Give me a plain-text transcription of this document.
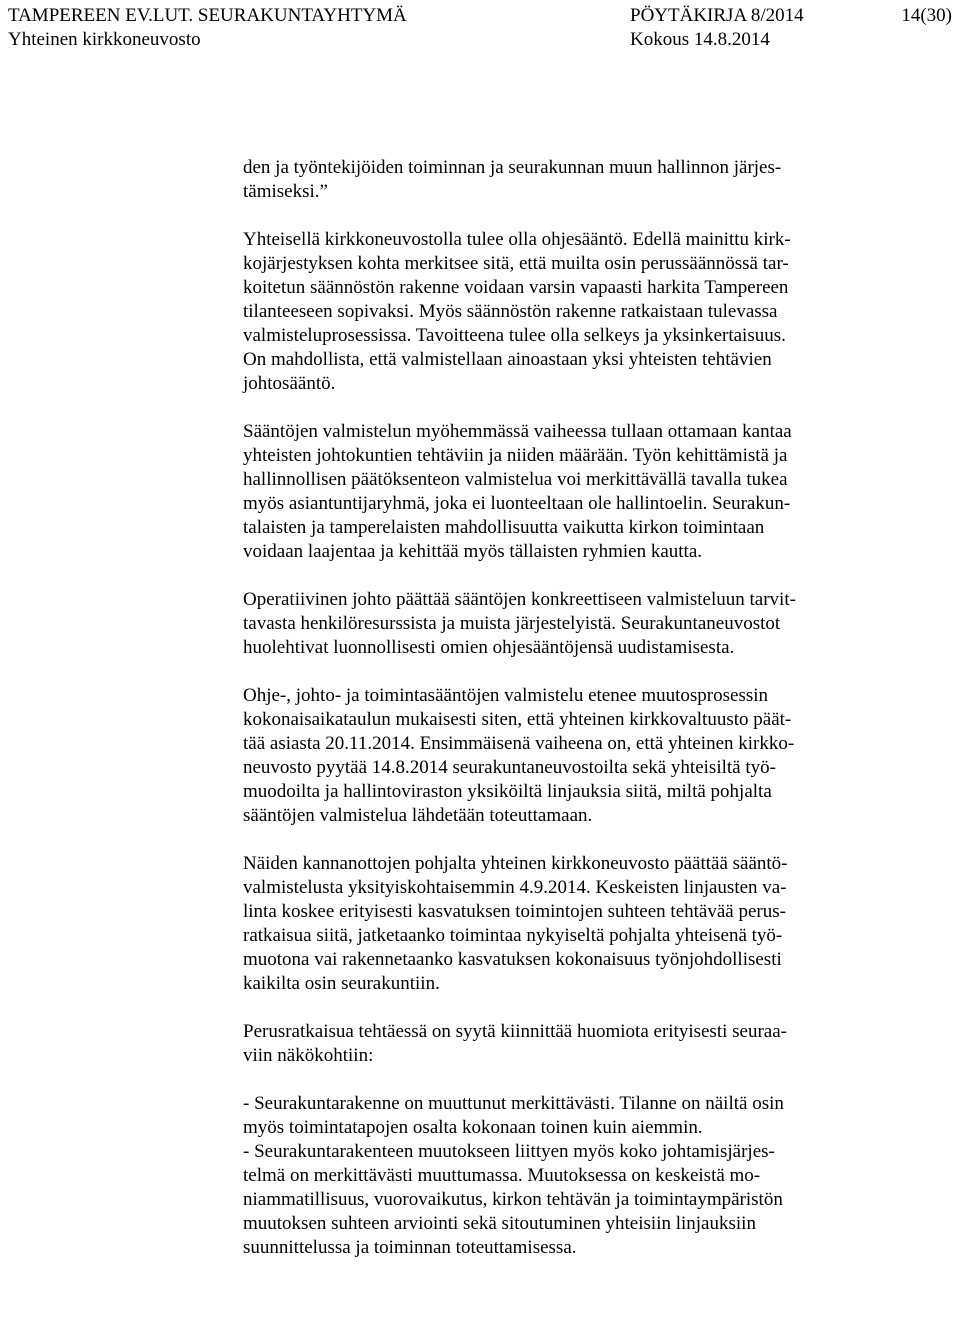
TAMPEREEN EV.LUT. SEURAKUNTAYHTYMÄ	PÖYTÄKIRJA 8/2014	14(30)
Yhteinen kirkkoneuvosto	Kokous 14.8.2014

den ja työntekijöiden toiminnan ja seurakunnan muun hallinnon järjes-
tämiseksi.”

Yhteisellä kirkkoneuvostolla tulee olla ohjesääntö. Edellä mainittu kirk-
kojärjestyksen kohta merkitsee sitä, että muilta osin perussäännössä tar-
koitetun säännöstön rakenne voidaan varsin vapaasti harkita Tampereen
tilanteeseen sopivaksi. Myös säännöstön rakenne ratkaistaan tulevassa
valmisteluprosessissa. Tavoitteena tulee olla selkeys ja yksinkertaisuus.
On mahdollista, että valmistellaan ainoastaan yksi yhteisten tehtävien
johtosääntö.

Sääntöjen valmistelun myöhemmässä vaiheessa tullaan ottamaan kantaa
yhteisten johtokuntien tehtäviin ja niiden määrään. Työn kehittämistä ja
hallinnollisen päätöksenteon valmistelua voi merkittävällä tavalla tukea
myös asiantuntijaryhmä, joka ei luonteeltaan ole hallintoelin. Seurakun-
talaisten ja tamperelaisten mahdollisuutta vaikutta kirkon toimintaan
voidaan laajentaa ja kehittää myös tällaisten ryhmien kautta.

Operatiivinen johto päättää sääntöjen konkreettiseen valmisteluun tarvit-
tavasta henkilöresurssista ja muista järjestelyistä. Seurakuntaneuvostot
huolehtivat luonnollisesti omien ohjesääntöjensä uudistamisesta.

Ohje-, johto- ja toimintasääntöjen valmistelu etenee muutosprosessin
kokonaisaikataulun mukaisesti siten, että yhteinen kirkkovaltuusto päät-
tää asiasta 20.11.2014. Ensimmäisenä vaiheena on, että yhteinen kirkko-
neuvosto pyytää 14.8.2014 seurakuntaneuvostoilta sekä yhteisiltä työ-
muodoilta ja hallintoviraston yksiköiltä linjauksia siitä, miltä pohjalta
sääntöjen valmistelua lähdetään toteuttamaan.

Näiden kannanottojen pohjalta yhteinen kirkkoneuvosto päättää sääntö-
valmistelusta yksityiskohtaisemmin 4.9.2014. Keskeisten linjausten va-
linta koskee erityisesti kasvatuksen toimintojen suhteen tehtävää perus-
ratkaisua siitä, jatketaanko toimintaa nykyiseltä pohjalta yhteisenä työ-
muotona vai rakennetaanko kasvatuksen kokonaisuus työnjohdollisesti
kaikilta osin seurakuntiin.

Perusratkaisua tehtäessä on syytä kiinnittää huomiota erityisesti seuraa-
viin näkökohtiin:

- Seurakuntarakenne on muuttunut merkittävästi. Tilanne on näiltä osin
myös toimintatapojen osalta kokonaan toinen kuin aiemmin.
- Seurakuntarakenteen muutokseen liittyen myös koko johtamisjärjes-
telmä on merkittävästi muuttumassa. Muutoksessa on keskeistä mo-
niammatillisuus, vuorovaikutus, kirkon tehtävän ja toimintaympäristön
muutoksen suhteen arviointi sekä sitoutuminen yhteisiin linjauksiin
suunnittelussa ja toiminnan toteuttamisessa.
